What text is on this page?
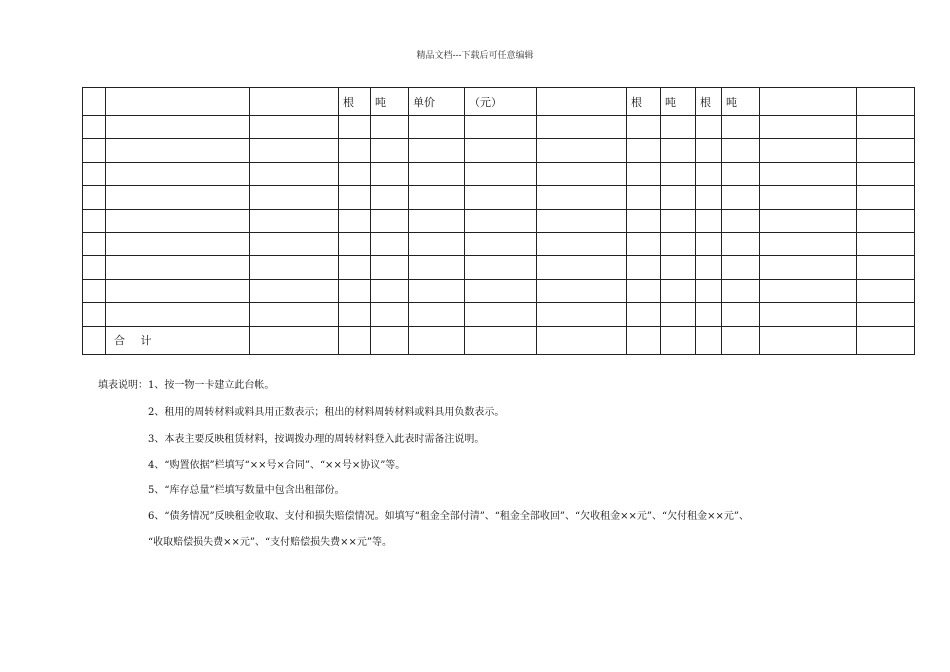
精品文档---下载后可任意编辑
			根	吨	单价	（元）		根	吨	根	吨		

	合 计												
填表说明：1、按一物一卡建立此台帐。
2、租用的周转材料或料具用正数表示；租出的材料周转材料或料具用负数表示。
3、本表主要反映租赁材料，按调拨办理的周转材料登入此表时需备注说明。
4、“购置依据”栏填写“××号×合同”、“××号×协议”等。
5、“库存总量”栏填写数量中包含出租部份。
6、“债务情况”反映租金收取、支付和损失赔偿情况。如填写“租金全部付清”、“租金全部收回”、“欠收租金××元”、“欠付租金××元”、
“收取赔偿损失费××元”、“支付赔偿损失费××元”等。
